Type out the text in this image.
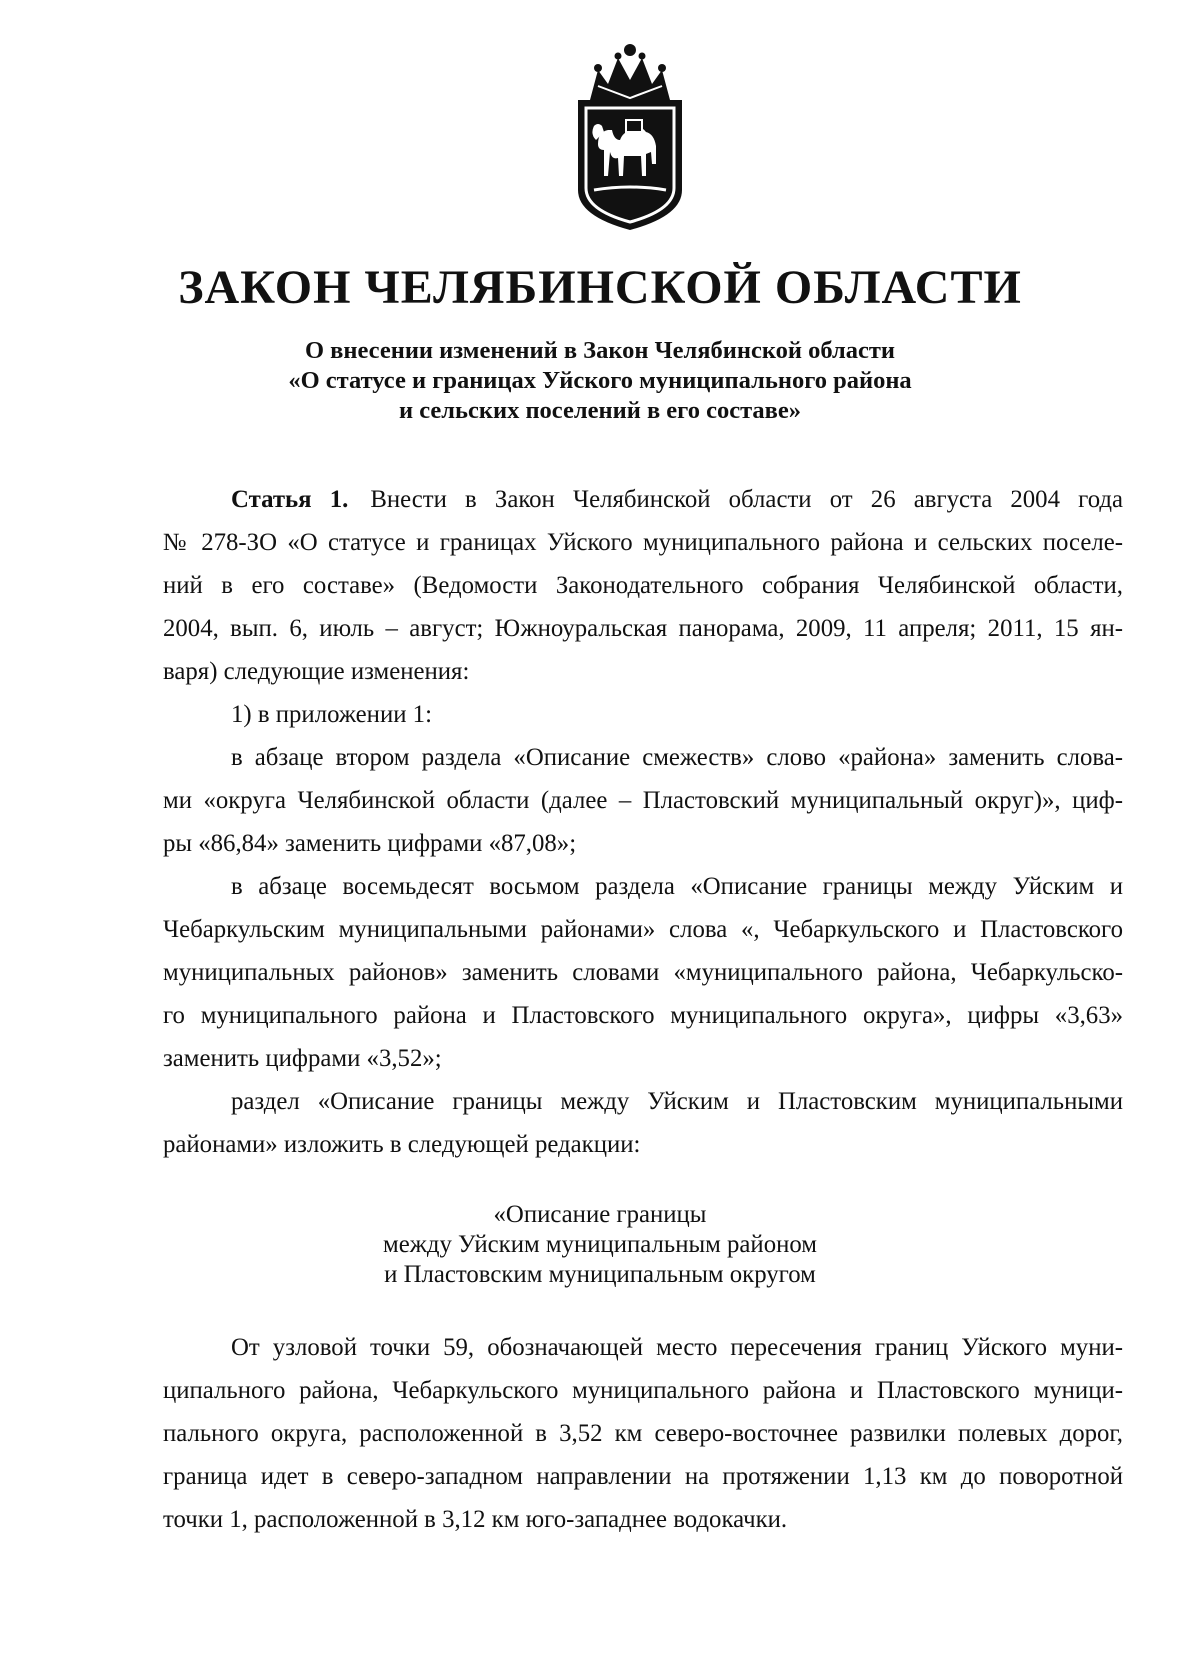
ЗАКОН ЧЕЛЯБИНСКОЙ ОБЛАСТИ
О внесении изменений в Закон Челябинской области
«О статусе и границах Уйского муниципального района
и сельских поселений в его составе»
Статья 1. Внести в Закон Челябинской области от 26 августа 2004 года
№ 278-ЗО «О статусе и границах Уйского муниципального района и сельских поселе-
ний в его составе» (Ведомости Законодательного собрания Челябинской области,
2004, вып. 6, июль – август; Южноуральская панорама, 2009, 11 апреля; 2011, 15 ян-
варя) следующие изменения:
1) в приложении 1:
в абзаце втором раздела «Описание смежеств» слово «района» заменить слова-
ми «округа Челябинской области (далее – Пластовский муниципальный округ)», циф-
ры «86,84» заменить цифрами «87,08»;
в абзаце восемьдесят восьмом раздела «Описание границы между Уйским и
Чебаркульским муниципальными районами» слова «, Чебаркульского и Пластовского
муниципальных районов» заменить словами «муниципального района, Чебаркульско-
го муниципального района и Пластовского муниципального округа», цифры «3,63»
заменить цифрами «3,52»;
раздел «Описание границы между Уйским и Пластовским муниципальными
районами» изложить в следующей редакции:
«Описание границы
между Уйским муниципальным районом
и Пластовским муниципальным округом
От узловой точки 59, обозначающей место пересечения границ Уйского муни-
ципального района, Чебаркульского муниципального района и Пластовского муници-
пального округа, расположенной в 3,52 км северо-восточнее развилки полевых дорог,
граница идет в северо-западном направлении на протяжении 1,13 км до поворотной
точки 1, расположенной в 3,12 км юго-западнее водокачки.
